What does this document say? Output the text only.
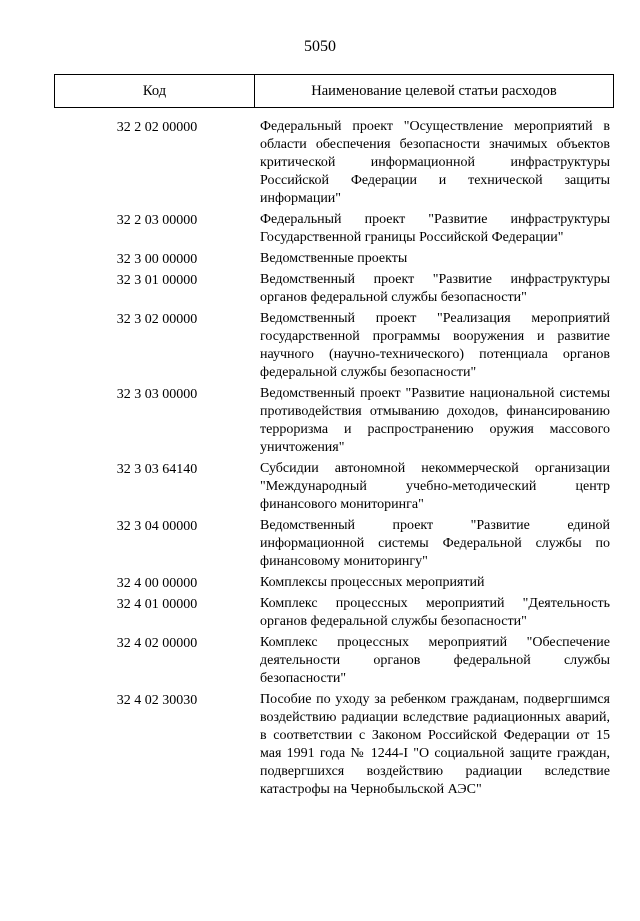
5050
Код	Наименование целевой статьи расходов
32 2 02 00000	Федеральный проект "Осуществление мероприятий в области обеспечения безопасности значимых объектов критической информационной инфраструктуры Российской Федерации и технической защиты информации"
32 2 03 00000	Федеральный проект "Развитие инфраструктуры Государственной границы Российской Федерации"
32 3 00 00000	Ведомственные проекты
32 3 01 00000	Ведомственный проект "Развитие инфраструктуры органов федеральной службы безопасности"
32 3 02 00000	Ведомственный проект "Реализация мероприятий государственной программы вооружения и развитие научного (научно-технического) потенциала органов федеральной службы безопасности"
32 3 03 00000	Ведомственный проект "Развитие национальной системы противодействия отмыванию доходов, финансированию терроризма и распространению оружия массового уничтожения"
32 3 03 64140	Субсидии автономной некоммерческой организации "Международный учебно-методический центр финансового мониторинга"
32 3 04 00000	Ведомственный проект "Развитие единой информационной системы Федеральной службы по финансовому мониторингу"
32 4 00 00000	Комплексы процессных мероприятий
32 4 01 00000	Комплекс процессных мероприятий "Деятельность органов федеральной службы безопасности"
32 4 02 00000	Комплекс процессных мероприятий "Обеспечение деятельности органов федеральной службы безопасности"
32 4 02 30030	Пособие по уходу за ребенком гражданам, подвергшимся воздействию радиации вследствие радиационных аварий, в соответствии с Законом Российской Федерации от 15 мая 1991 года № 1244-I "О социальной защите граждан, подвергшихся воздействию радиации вследствие катастрофы на Чернобыльской АЭС"
